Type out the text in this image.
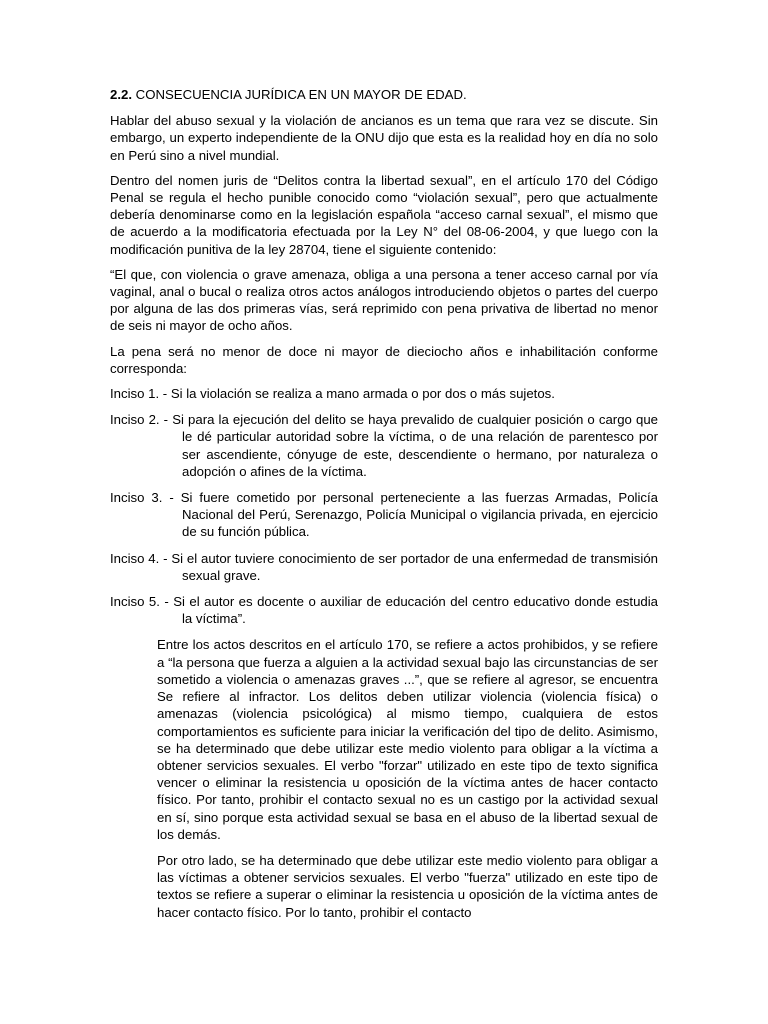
2.2. CONSECUENCIA JURÍDICA EN UN MAYOR DE EDAD.

Hablar del abuso sexual y la violación de ancianos es un tema que rara vez se discute. Sin embargo, un experto independiente de la ONU dijo que esta es la realidad hoy en día no solo en Perú sino a nivel mundial.

Dentro del nomen juris de “Delitos contra la libertad sexual”, en el artículo 170 del Código Penal se regula el hecho punible conocido como “violación sexual”, pero que actualmente debería denominarse como en la legislación española “acceso carnal sexual”, el mismo que de acuerdo a la modificatoria efectuada por la Ley N° del 08-06-2004, y que luego con la modificación punitiva de la ley 28704, tiene el siguiente contenido:

“El que, con violencia o grave amenaza, obliga a una persona a tener acceso carnal por vía vaginal, anal o bucal o realiza otros actos análogos introduciendo objetos o partes del cuerpo por alguna de las dos primeras vías, será reprimido con pena privativa de libertad no menor de seis ni mayor de ocho años.

La pena será no menor de doce ni mayor de dieciocho años e inhabilitación conforme corresponda:

Inciso 1. - Si la violación se realiza a mano armada o por dos o más sujetos.

Inciso 2. - Si para la ejecución del delito se haya prevalido de cualquier posición o cargo que le dé particular autoridad sobre la víctima, o de una relación de parentesco por ser ascendiente, cónyuge de este, descendiente o hermano, por naturaleza o adopción o afines de la víctima.

Inciso 3. - Si fuere cometido por personal perteneciente a las fuerzas Armadas, Policía Nacional del Perú, Serenazgo, Policía Municipal o vigilancia privada, en ejercicio de su función pública.

Inciso 4. - Si el autor tuviere conocimiento de ser portador de una enfermedad de transmisión sexual grave.

Inciso 5. - Si el autor es docente o auxiliar de educación del centro educativo donde estudia la víctima”.

Entre los actos descritos en el artículo 170, se refiere a actos prohibidos, y se refiere a “la persona que fuerza a alguien a la actividad sexual bajo las circunstancias de ser sometido a violencia o amenazas graves ...”, que se refiere al agresor, se encuentra Se refiere al infractor. Los delitos deben utilizar violencia (violencia física) o amenazas (violencia psicológica) al mismo tiempo, cualquiera de estos comportamientos es suficiente para iniciar la verificación del tipo de delito. Asimismo, se ha determinado que debe utilizar este medio violento para obligar a la víctima a obtener servicios sexuales. El verbo "forzar" utilizado en este tipo de texto significa vencer o eliminar la resistencia u oposición de la víctima antes de hacer contacto físico. Por tanto, prohibir el contacto sexual no es un castigo por la actividad sexual en sí, sino porque esta actividad sexual se basa en el abuso de la libertad sexual de los demás.

Por otro lado, se ha determinado que debe utilizar este medio violento para obligar a las víctimas a obtener servicios sexuales. El verbo "fuerza" utilizado en este tipo de textos se refiere a superar o eliminar la resistencia u oposición de la víctima antes de hacer contacto físico. Por lo tanto, prohibir el contacto
